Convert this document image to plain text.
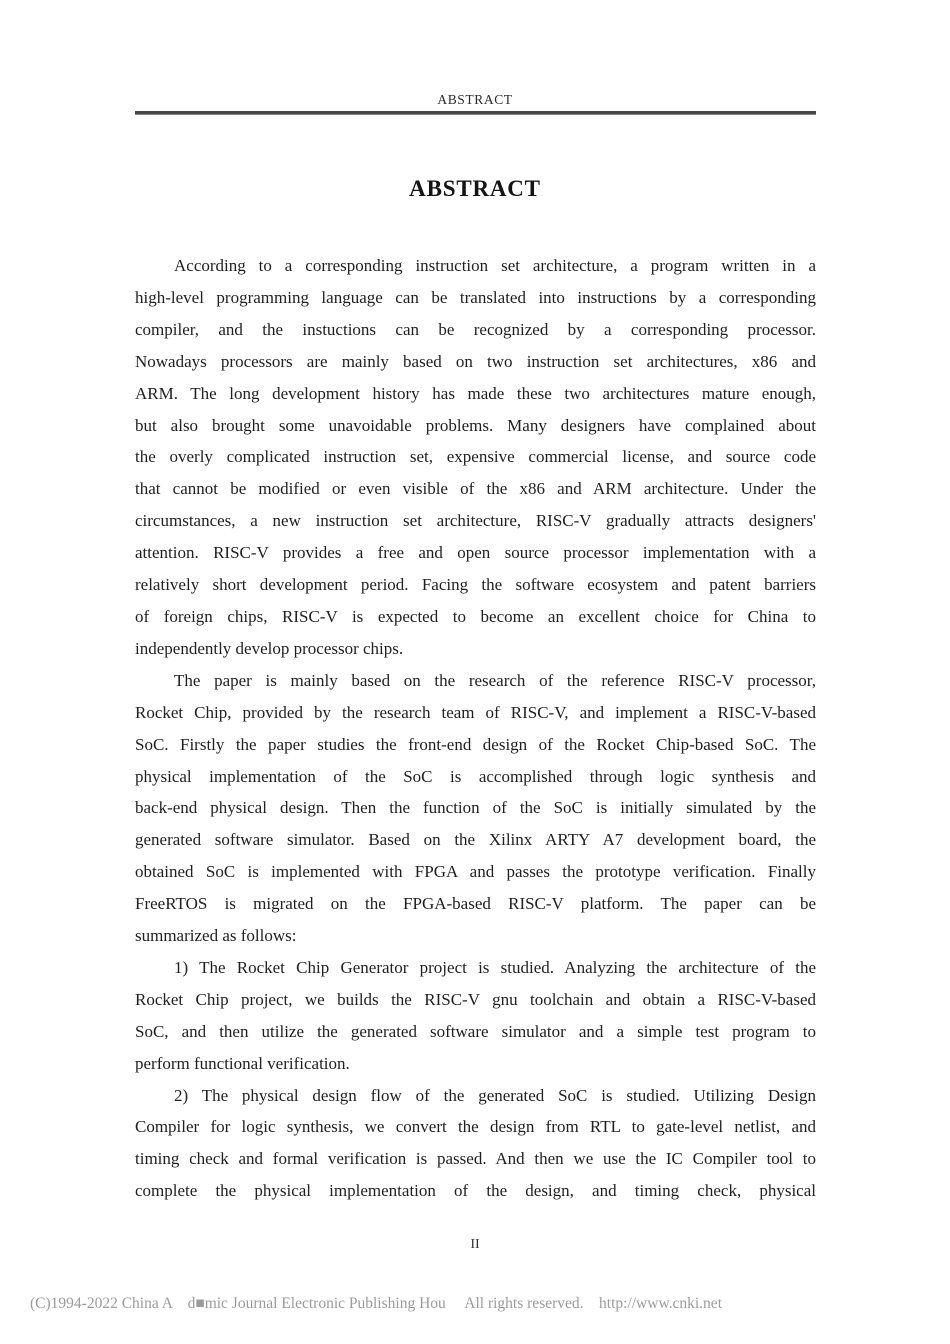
ABSTRACT
ABSTRACT
According to a corresponding instruction set architecture, a program written in a
high-level programming language can be translated into instructions by a corresponding
compiler, and the instuctions can be recognized by a corresponding processor.
Nowadays processors are mainly based on two instruction set architectures, x86 and
ARM. The long development history has made these two architectures mature enough,
but also brought some unavoidable problems. Many designers have complained about
the overly complicated instruction set, expensive commercial license, and source code
that cannot be modified or even visible of the x86 and ARM architecture. Under the
circumstances, a new instruction set architecture, RISC-V gradually attracts designers'
attention. RISC-V provides a free and open source processor implementation with a
relatively short development period. Facing the software ecosystem and patent barriers
of foreign chips, RISC-V is expected to become an excellent choice for China to
independently develop processor chips.
The paper is mainly based on the research of the reference RISC-V processor,
Rocket Chip, provided by the research team of RISC-V, and implement a RISC-V-based
SoC. Firstly the paper studies the front-end design of the Rocket Chip-based SoC. The
physical implementation of the SoC is accomplished through logic synthesis and
back-end physical design. Then the function of the SoC is initially simulated by the
generated software simulator. Based on the Xilinx ARTY A7 development board, the
obtained SoC is implemented with FPGA and passes the prototype verification. Finally
FreeRTOS is migrated on the FPGA-based RISC-V platform. The paper can be
summarized as follows:
1) The Rocket Chip Generator project is studied. Analyzing the architecture of the
Rocket Chip project, we builds the RISC-V gnu toolchain and obtain a RISC-V-based
SoC, and then utilize the generated software simulator and a simple test program to
perform functional verification.
2) The physical design flow of the generated SoC is studied. Utilizing Design
Compiler for logic synthesis, we convert the design from RTL to gate-level netlist, and
timing check and formal verification is passed. And then we use the IC Compiler tool to
complete the physical implementation of the design, and timing check, physical
II
(C)1994-2022 China A    d■mic Journal Electronic Publishing Hou     All rights reserved.    http://www.cnki.net
